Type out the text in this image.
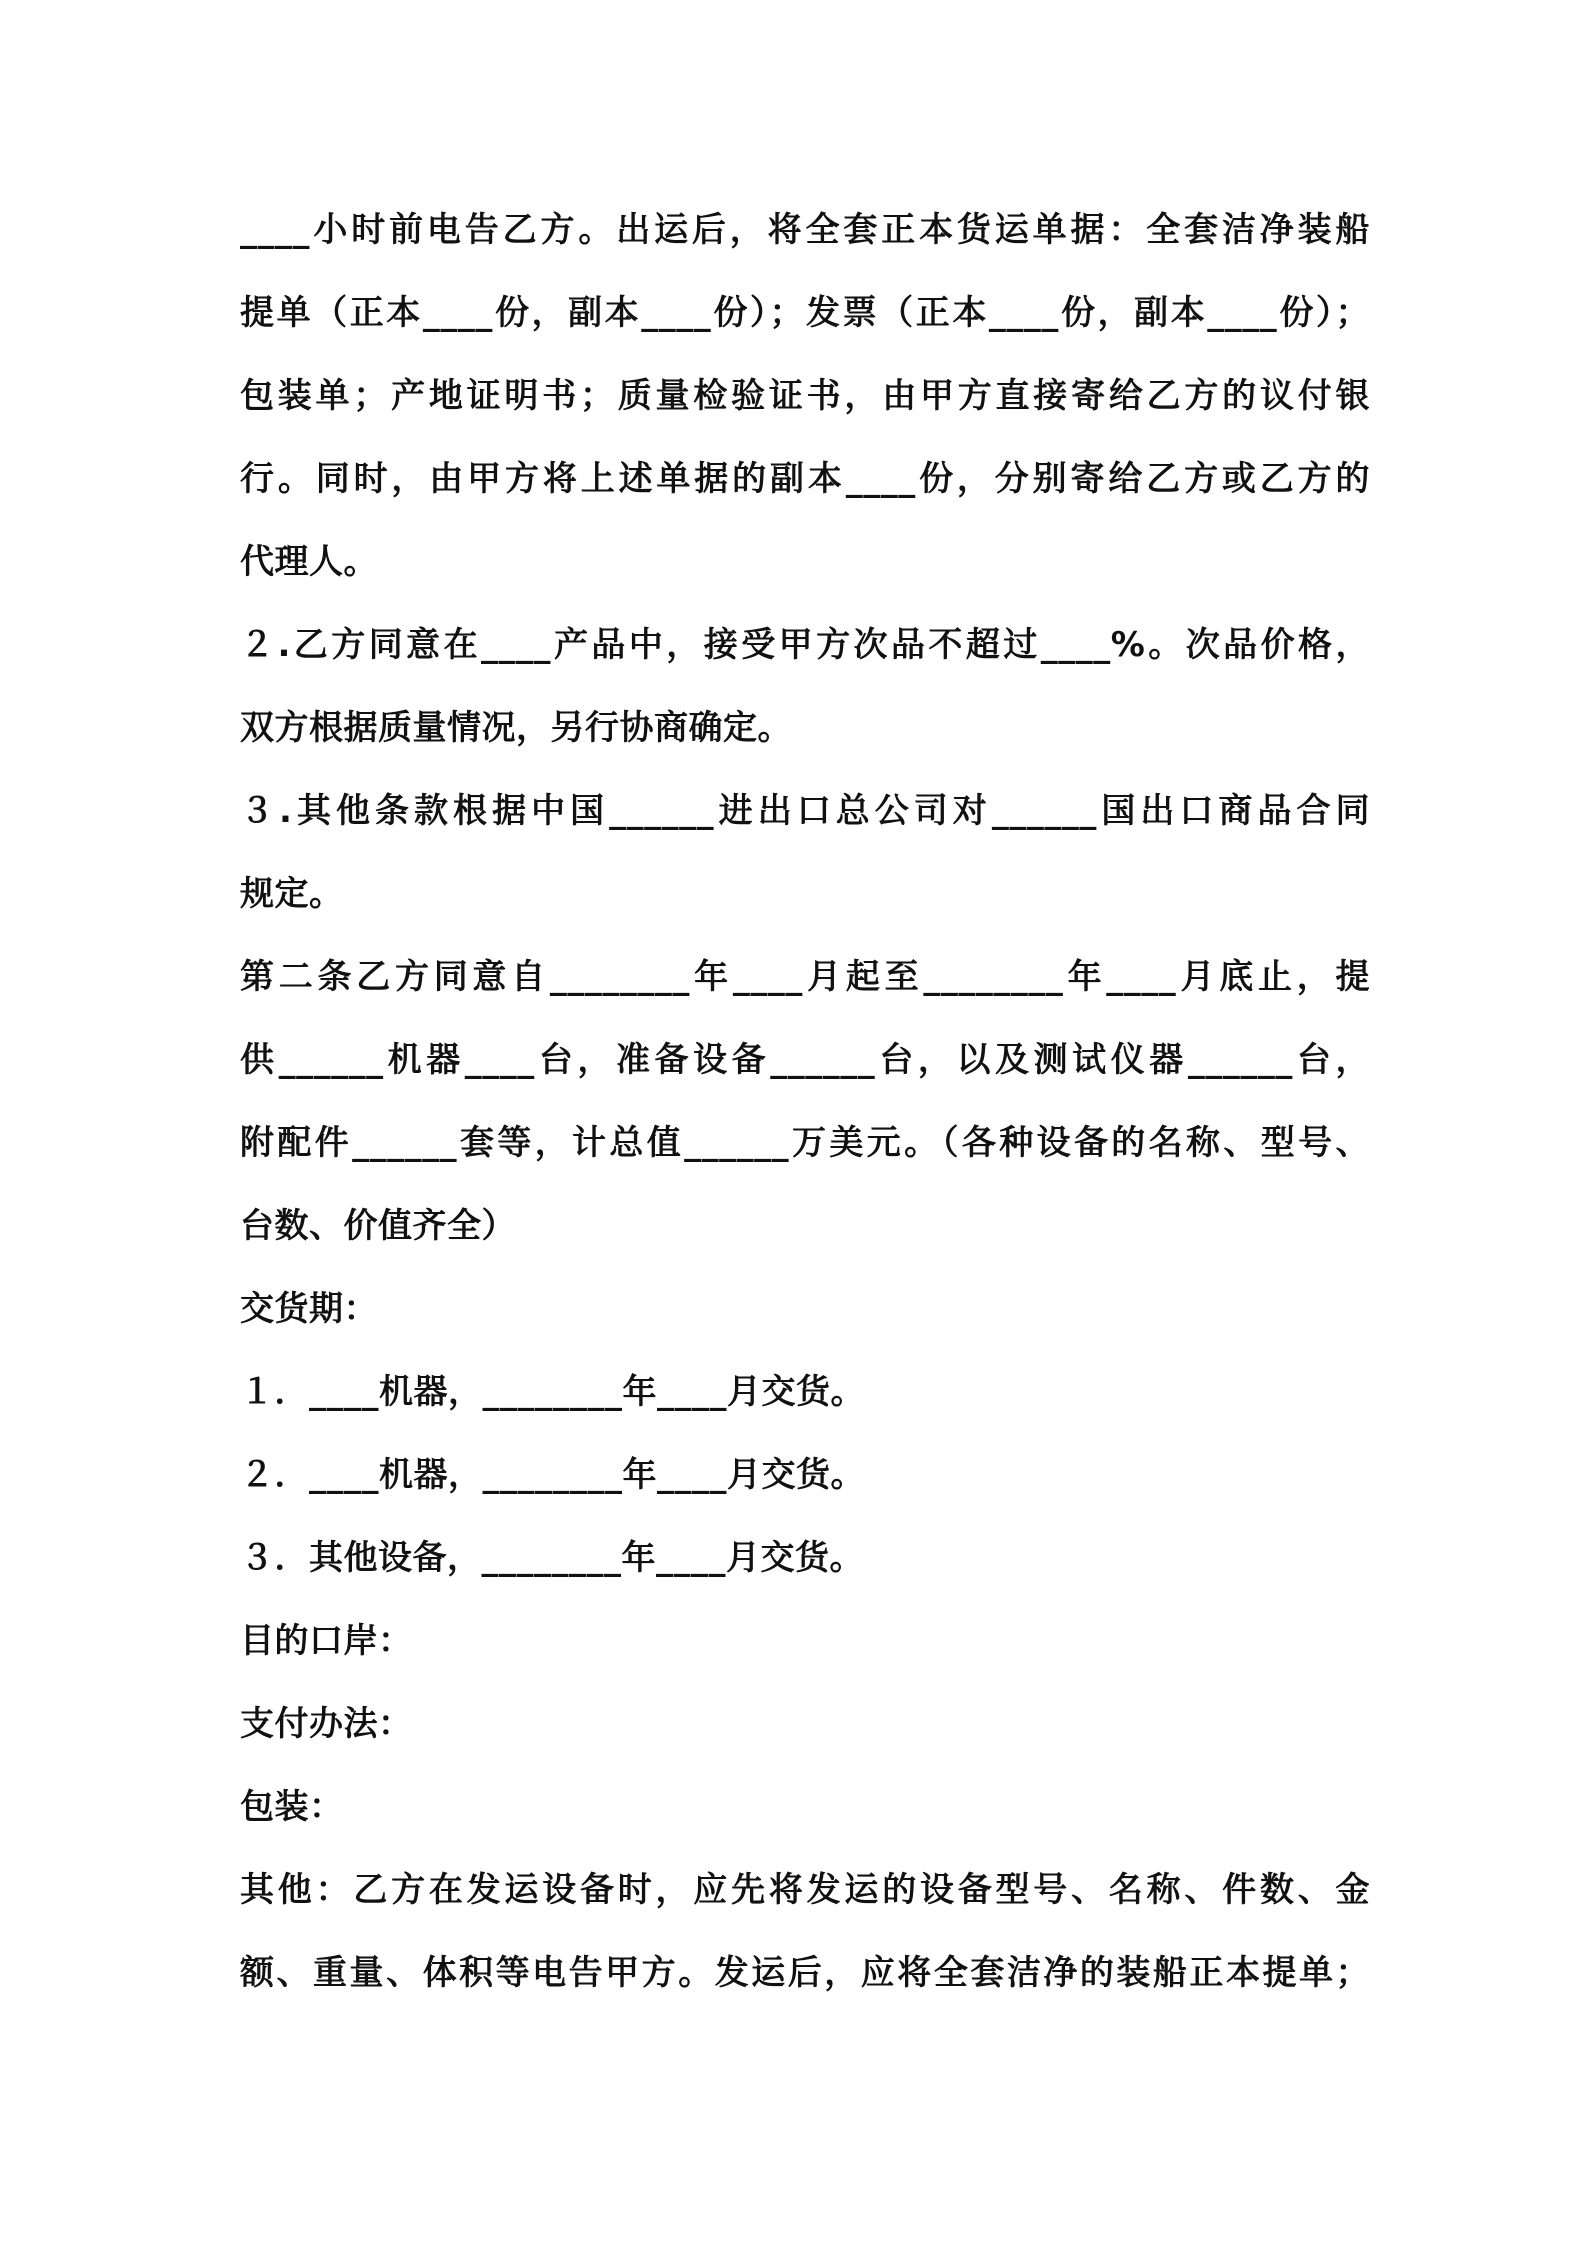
____小时前电告乙方。出运后，将全套正本货运单据：全套洁净装船
提单（正本____份，副本____份）；发票（正本____份，副本____份）；
包装单；产地证明书；质量检验证书，由甲方直接寄给乙方的议付银
行。同时，由甲方将上述单据的副本____份，分别寄给乙方或乙方的
代理人。
２.乙方同意在____产品中，接受甲方次品不超过____%。次品价格，
双方根据质量情况，另行协商确定。
３.其他条款根据中国______进出口总公司对______国出口商品合同
规定。
第二条乙方同意自________年____月起至________年____月底止，提
供______机器____台，准备设备______台，以及测试仪器______台，
附配件______套等，计总值______万美元。（各种设备的名称、型号、
台数、价值齐全）
交货期：
１．____机器，________年____月交货。
２．____机器，________年____月交货。
３．其他设备，________年____月交货。
目的口岸：
支付办法：
包装：
其他：乙方在发运设备时，应先将发运的设备型号、名称、件数、金
额、重量、体积等电告甲方。发运后，应将全套洁净的装船正本提单；
